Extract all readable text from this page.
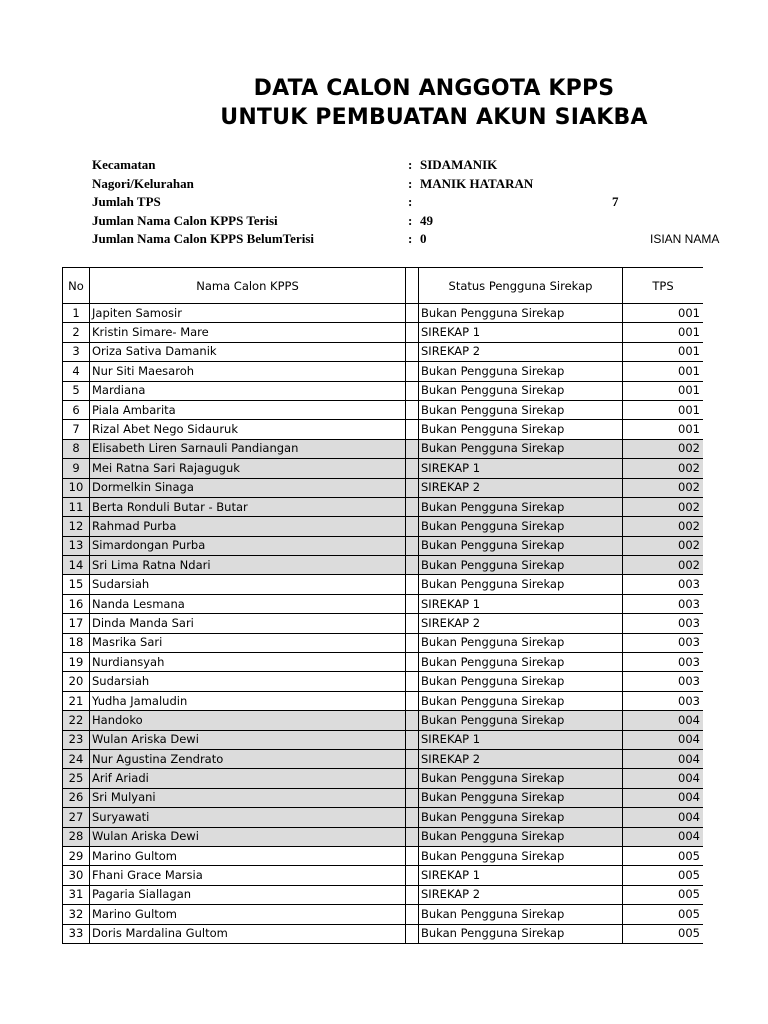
DATA CALON ANGGOTA KPPS
UNTUK PEMBUATAN AKUN SIAKBA
Kecamatan	: SIDAMANIK
Nagori/Kelurahan	: MANIK HATARAN
Jumlah TPS	:	7
Jumlan Nama Calon KPPS Terisi	: 49
Jumlan Nama Calon KPPS BelumTerisi	: 0	ISIAN NAMA
No	Nama Calon KPPS		Status Pengguna Sirekap	TPS
1	Japiten Samosir		Bukan Pengguna Sirekap	001
2	Kristin Simare- Mare		SIREKAP 1	001
3	Oriza Sativa Damanik		SIREKAP 2	001
4	Nur Siti Maesaroh		Bukan Pengguna Sirekap	001
5	Mardiana		Bukan Pengguna Sirekap	001
6	Piala Ambarita		Bukan Pengguna Sirekap	001
7	Rizal Abet Nego Sidauruk		Bukan Pengguna Sirekap	001
8	Elisabeth Liren Sarnauli Pandiangan		Bukan Pengguna Sirekap	002
9	Mei Ratna Sari Rajaguguk		SIREKAP 1	002
10	Dormelkin Sinaga		SIREKAP 2	002
11	Berta Ronduli Butar - Butar		Bukan Pengguna Sirekap	002
12	Rahmad Purba		Bukan Pengguna Sirekap	002
13	Simardongan Purba		Bukan Pengguna Sirekap	002
14	Sri Lima Ratna Ndari		Bukan Pengguna Sirekap	002
15	Sudarsiah		Bukan Pengguna Sirekap	003
16	Nanda Lesmana		SIREKAP 1	003
17	Dinda Manda Sari		SIREKAP 2	003
18	Masrika Sari		Bukan Pengguna Sirekap	003
19	Nurdiansyah		Bukan Pengguna Sirekap	003
20	Sudarsiah		Bukan Pengguna Sirekap	003
21	Yudha Jamaludin		Bukan Pengguna Sirekap	003
22	Handoko		Bukan Pengguna Sirekap	004
23	Wulan Ariska Dewi		SIREKAP 1	004
24	Nur Agustina Zendrato		SIREKAP 2	004
25	Arif Ariadi		Bukan Pengguna Sirekap	004
26	Sri Mulyani		Bukan Pengguna Sirekap	004
27	Suryawati		Bukan Pengguna Sirekap	004
28	Wulan Ariska Dewi		Bukan Pengguna Sirekap	004
29	Marino Gultom		Bukan Pengguna Sirekap	005
30	Fhani Grace Marsia		SIREKAP 1	005
31	Pagaria Siallagan		SIREKAP 2	005
32	Marino Gultom		Bukan Pengguna Sirekap	005
33	Doris Mardalina Gultom		Bukan Pengguna Sirekap	005
